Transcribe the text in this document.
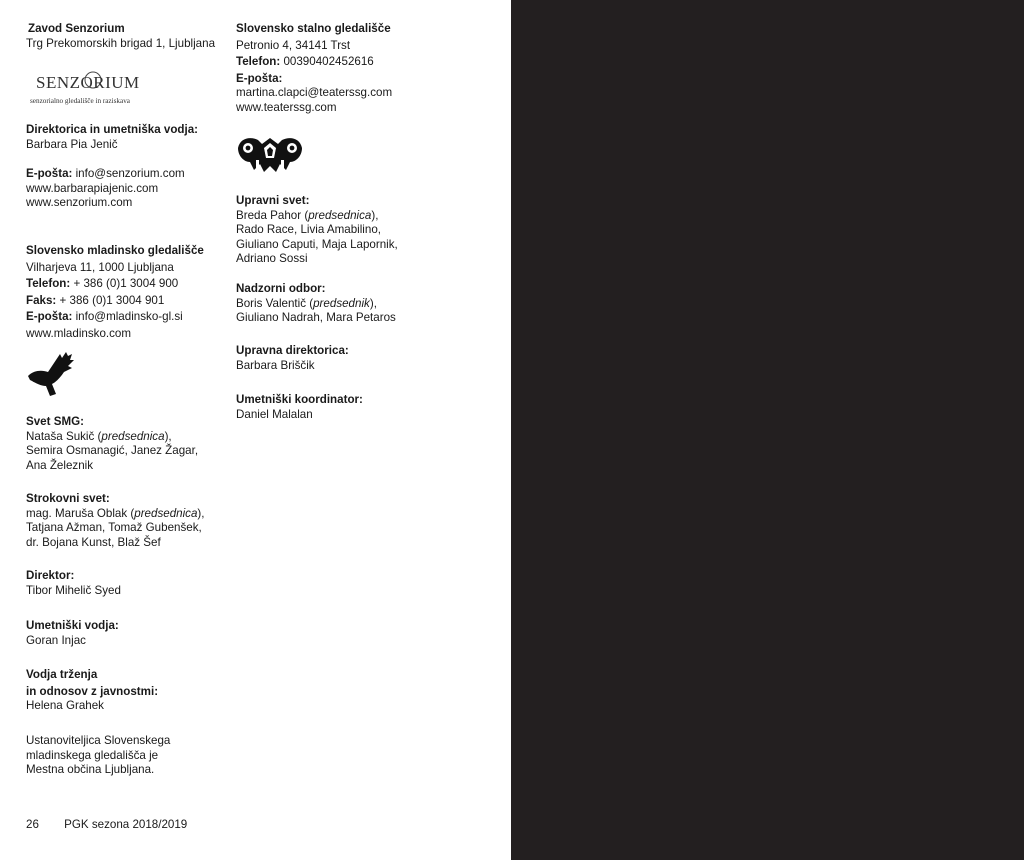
Zavod Senzorium
Trg Prekomorskih brigad 1, Ljubljana
SENZORIUM
senzorialno gledališče in raziskava
Direktorica in umetniška vodja:
Barbara Pia Jenič
E-pošta: info@senzorium.com
www.barbarapiajenic.com
www.senzorium.com
Slovensko mladinsko gledališče
Vilharjeva 11, 1000 Ljubljana
Telefon: + 386 (0)1 3004 900
Faks: + 386 (0)1 3004 901
E-pošta: info@mladinsko-gl.si
www.mladinsko.com
Svet SMG:
Nataša Sukič (predsednica),
Semira Osmanagić, Janez Žagar,
Ana Železnik
Strokovni svet:
mag. Maruša Oblak (predsednica),
Tatjana Ažman, Tomaž Gubenšek,
dr. Bojana Kunst, Blaž Šef
Direktor:
Tibor Mihelič Syed
Umetniški vodja:
Goran Injac
Vodja trženja
in odnosov z javnostmi:
Helena Grahek
Ustanoviteljica Slovenskega
mladinskega gledališča je
Mestna občina Ljubljana.
Slovensko stalno gledališče
Petronio 4, 34141 Trst
Telefon: 00390402452616
E-pošta:
martina.clapci@teaterssg.com
www.teaterssg.com
Upravni svet:
Breda Pahor (predsednica),
Rado Race, Livia Amabilino,
Giuliano Caputi, Maja Lapornik,
Adriano Sossi
Nadzorni odbor:
Boris Valentič (predsednik),
Giuliano Nadrah, Mara Petaros
Upravna direktorica:
Barbara Briščik
Umetniški koordinator:
Daniel Malalan
26 PGK sezona 2018/2019
